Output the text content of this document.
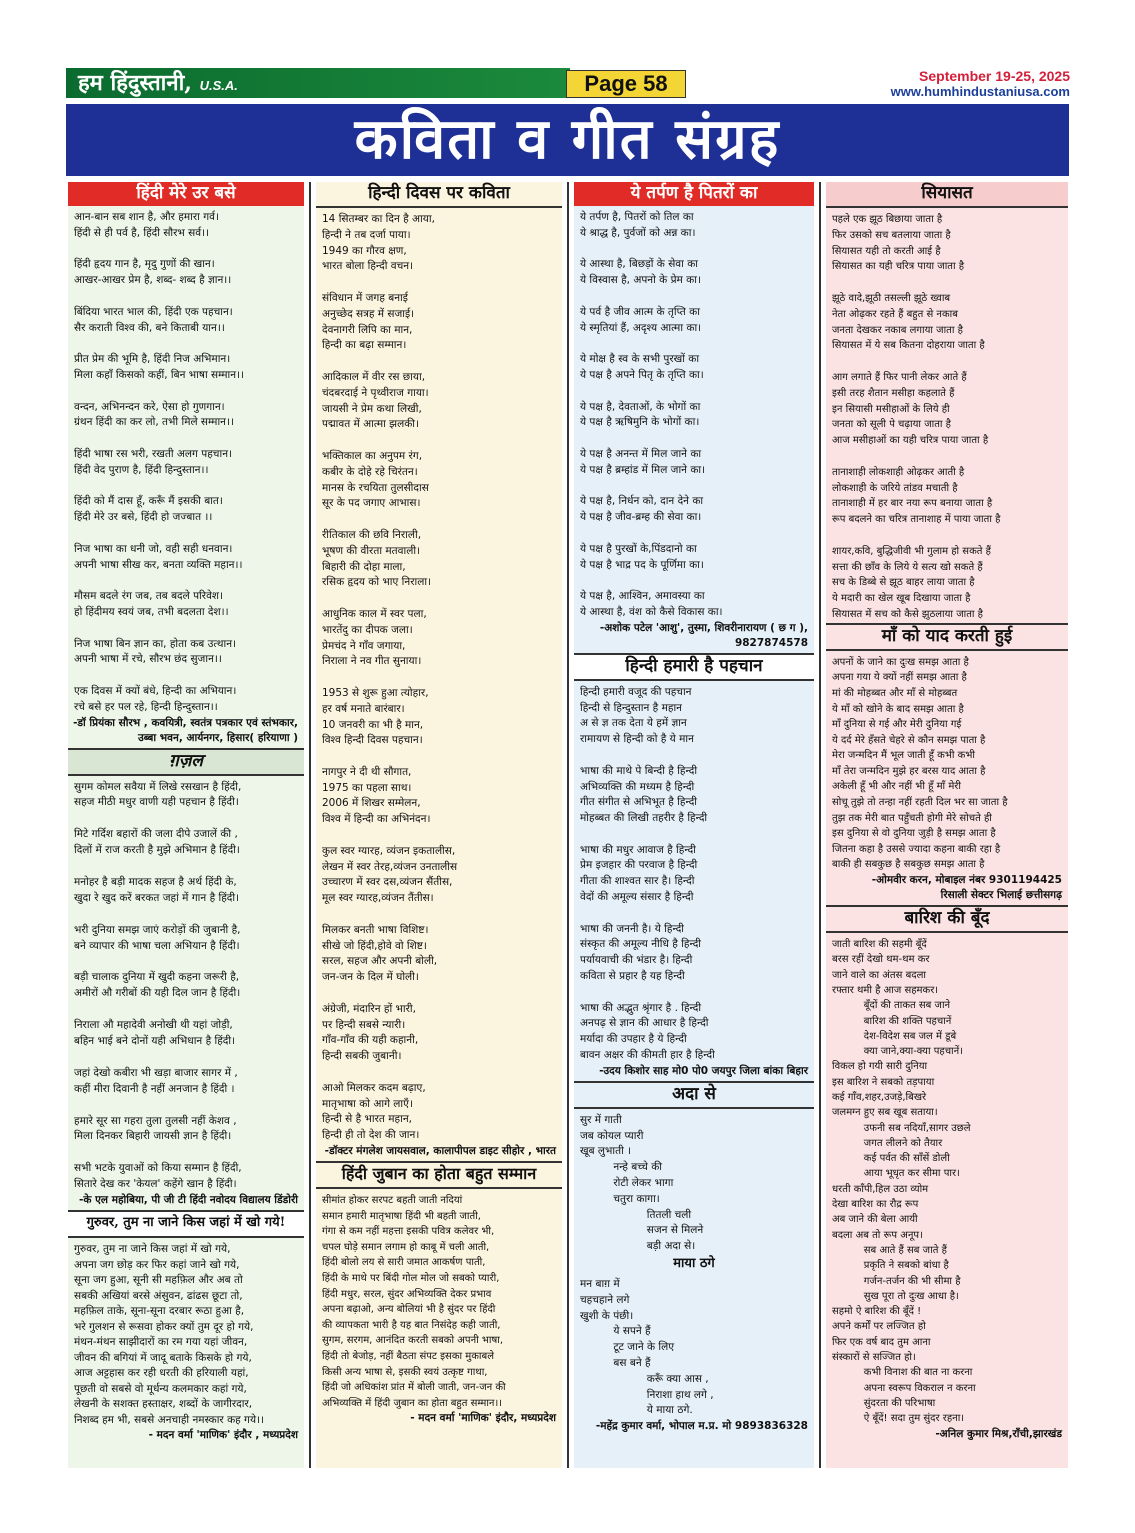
हम हिंदुस्तानी, U.S.A.	Page 58	September 19-25, 2025
www.humhindustaniusa.com
कविता व गीत संग्रह
हिंदी मेरे उर बसे
आन-बान सब शान है, और हमारा गर्व।
हिंदी से ही पर्व है, हिंदी सौरभ सर्व।।

हिंदी हृदय गान है, मृदु गुणों की खान।
आखर-आखर प्रेम है, शब्द- शब्द है ज्ञान।।

बिंदिया भारत भाल की, हिंदी एक पहचान।
सैर कराती विश्व की, बने किताबी यान।।

प्रीत प्रेम की भूमि है, हिंदी निज अभिमान।
मिला कहाँ किसको कहीं, बिन भाषा सम्मान।।

वन्दन, अभिनन्दन करे, ऐसा हो गुणगान।
ग्रंथन हिंदी का कर लो, तभी मिले सम्मान।।

हिंदी भाषा रस भरी, रखती अलग पहचान।
हिंदी वेद पुराण है, हिंदी हिन्दुस्तान।।

हिंदी को मैं दास हूँ, करूँ मैं इसकी बात।
हिंदी मेरे उर बसे, हिंदी हो जज्बात ।।

निज भाषा का धनी जो, वही सही धनवान।
अपनी भाषा सीख कर, बनता व्यक्ति महान।।

मौसम बदले रंग जब, तब बदले परिवेश।
हो हिंदीमय स्वयं जब, तभी बदलता देश।।

निज भाषा बिन ज्ञान का, होता कब उत्थान।
अपनी भाषा में रचे, सौरभ छंद सुजान।।

एक दिवस में क्यों बंधे, हिन्दी का अभियान।
रचे बसे हर पल रहे, हिन्दी हिन्दुस्तान।।
-डॉ प्रियंका सौरभ , कवयित्री, स्वतंत्र पत्रकार एवं स्तंभकार, उब्बा भवन, आर्यनगर, हिसार( हरियाणा )
ग़ज़ल
सुगम कोमल सवैया में लिखे रसखान है हिंदी,
सहज मीठी मधुर वाणी यही पहचान है हिंदी।

मिटे गर्दिश बहारों की जला दीपे उजालें की ,
दिलों में राज करती है मुझे अभिमान है हिंदी।

मनोहर है बड़ी मादक सहज है अर्थ हिंदी के,
खुदा रे खुद करें बरकत जहां में गान है हिंदी।

भरी दुनिया समझ जाएं करोड़ों की जुबानी है,
बने व्यापार की भाषा चला अभियान है हिंदी।

बड़ी चालाक दुनिया में खुदी कहना जरूरी है,
अमीरों औ गरीबों की यही दिल जान है हिंदी।

निराला औ महादेवी अनोखी थी यहां जोड़ी,
बहिन भाई बने दोनों यही अभिधान है हिंदी।

जहां देखो कबीरा भी खड़ा बाजार सागर में ,
कहीं मीरा दिवानी है नहीं अनजान है हिंदी ।

हमारे सूर सा गहरा तुला तुलसी नहीं केशव ,
मिला दिनकर बिहारी जायसी ज्ञान है हिंदी।

सभी भटके युवाओं को किया सम्मान है हिंदी,
सितारे देख कर 'केयल' कहेंगे खान है हिंदी।
-के एल महोबिया, पी जी टी हिंदी नवोदय विद्यालय डिंडोरी
गुरुवर, तुम ना जाने किस जहां में खो गये!
गुरुवर, तुम ना जाने किस जहां में खो गये,
अपना जग छोड़ कर फिर कहां जाने खो गये,
सूना जग हुआ, सूनी सी महफ़िल और अब तो
सबकी अखियां बरसे अंसुवन, ढांढस छूटा तो,
महफ़िल ताके, सूना-सूना दरबार रूठा हुआ है,
भरे गुलशन से रूसवा होकर क्यों तुम दूर हो गये,
मंथन-मंथन साझीदारों का रम गया यहां जीवन,
जीवन की बगियां में जादू बताके किसके हो गये,
आज अट्टहास कर रही धरती की हरियाली यहां,
पूछती वो सबसे वो मूर्धन्य कलमकार कहां गये,
लेखनी के सशक्त हस्ताक्षर, शब्दों के जागीरदार,
निशब्द हम भी, सबसे अनचाही नमस्कार कह गये।।
- मदन वर्मा 'माणिक' इंदौर , मध्यप्रदेश
हिन्दी दिवस पर कविता
14 सितम्बर का दिन है आया,
हिन्दी ने तब दर्जा पाया।
1949 का गौरव क्षण,
भारत बोला हिन्दी वचन।

संविधान में जगह बनाई
अनुच्छेद सत्रह में सजाई।
देवनागरी लिपि का मान,
हिन्दी का बढ़ा सम्मान।

आदिकाल में वीर रस छाया,
चंदबरदाई ने पृथ्वीराज गाया।
जायसी ने प्रेम कथा लिखी,
पद्मावत में आत्मा झलकी।

भक्तिकाल का अनुपम रंग,
कबीर के दोहे रहे चिरंतन।
मानस के रचयिता तुलसीदास
सूर के पद जगाए आभास।

रीतिकाल की छवि निराली,
भूषण की वीरता मतवाली।
बिहारी की दोहा माला,
रसिक हृदय को भाए निराला।

आधुनिक काल में स्वर पला,
भारतेंदु का दीपक जला।
प्रेमचंद ने गाँव जगाया,
निराला ने नव गीत सुनाया।

1953 से शुरू हुआ त्योहार,
हर वर्ष मनाते बारंबार।
10 जनवरी का भी है मान,
विश्व हिन्दी दिवस पहचान।

नागपुर ने दी थी सौगात,
1975 का पहला साथ।
2006 में शिखर सम्मेलन,
विश्व में हिन्दी का अभिनंदन।

कुल स्वर ग्यारह, व्यंजन इकतालीस,
लेखन में स्वर तेरह,व्यंजन उनतालीस
उच्चारण में स्वर दस,व्यंजन सैंतीस,
मूल स्वर ग्यारह,व्यंजन तैंतीस।

मिलकर बनती भाषा विशिष्ट।
सीखे जो हिंदी,होवे वो शिष्ट।
सरल, सहज और अपनी बोली,
जन-जन के दिल में घोली।

अंग्रेजी, मंदारिन हों भारी,
पर हिन्दी सबसे न्यारी।
गाँव-गाँव की यही कहानी,
हिन्दी सबकी जुबानी।

आओ मिलकर कदम बढ़ाए,
मातृभाषा को आगे लाएँ।
हिन्दी से है भारत महान,
हिन्दी ही तो देश की जान।
-डॉक्टर मंगलेश जायसवाल, कालापीपल डाइट सीहोर , भारत
हिंदी जुबान का होता बहुत सम्मान
सीमांत होकर सरपट बहती जाती नदियां
समान हमारी मातृभाषा हिंदी भी बहती जाती,
गंगा से कम नहीं महत्ता इसकी पवित्र कलेवर भी,
चपल घोड़े समान लगाम हो काबू में चली आती,
हिंदी बोलो लय से सारी जमात आकर्षण पाती,
हिंदी के माथे पर बिंदी गोल मोल जो सबको प्यारी,
हिंदी मधुर, सरल, सुंदर अभिव्यक्ति देकर प्रभाव
अपना बढ़ाओ, अन्य बोलियां भी है सुंदर पर हिंदी
की व्यापकता भारी है यह बात निसंदेह कही जाती,
सुगम, सरगम, आनंदित करती सबको अपनी भाषा,
हिंदी तो बेजोड़, नहीं बैठता संपट इसका मुकाबले
किसी अन्य भाषा से, इसकी स्वयं उत्कृष्ट गाथा,
हिंदी जो अधिकांश प्रांत में बोली जाती, जन-जन की
अभिव्यक्ति में हिंदी जुबान का होता बहुत सम्मान।।
- मदन वर्मा 'माणिक' इंदौर, मध्यप्रदेश
ये तर्पण है पितरों का
ये तर्पण है, पितरों को तिल का
ये श्राद्ध है, पुर्वजों को अन्न का।

ये आस्था है, बिछड़ों के सेवा का
ये विस्वास है, अपनो के प्रेम का।

ये पर्व है जीव आत्म के तृप्ति का
ये स्मृतियां हैं, अदृश्य आत्मा का।

ये मोक्ष है स्व के सभी पुरखों का
ये पक्ष है अपने पितृ के तृप्ति का।

ये पक्ष है, देवताओं, के भोगों का
ये पक्ष है ऋषिमुनि के भोगों का।

ये पक्ष है अनन्त में मिल जाने का
ये पक्ष है ब्रम्हांड में मिल जाने का।

ये पक्ष है, निर्धन को, दान देने का
ये पक्ष है जीव-ब्रम्ह की सेवा का।

ये पक्ष है पुरखों के,पिंडदानो का
ये पक्ष है भाद्र पद के पूर्णिमा का।

ये पक्ष है, आश्विन, अमावस्या का
ये आस्था है, वंश को कैसे विकास का।
-अशोक पटेल 'आशु', तुस्मा, शिवरीनारायण ( छ ग ), 9827874578
हिन्दी हमारी है पहचान
हिन्दी हमारी वजूद की पहचान
हिन्दी से हिन्दुस्तान है महान
अ से ज्ञ तक देता ये हमें ज्ञान
रामायण से हिन्दी को है ये मान

भाषा की माथे पे बिन्दी है हिन्दी
अभिव्यक्ति की मध्यम है हिन्दी
गीत संगीत से अभिभूत है हिन्दी
मोहब्बत की लिखी तहरीर है हिन्दी

भाषा की मधुर आवाज है हिन्दी
प्रेम इजहार की परवाज है हिन्दी
गीता की शाश्वत सार है। हिन्दी
वेदों की अमूल्य संसार है हिन्दी

भाषा की जननी है। ये हिन्दी
संस्कृत की अमूल्य नीधि है हिन्दी
पर्यायवाची की भंडार है। हिन्दी
कविता से प्रहार है यह हिन्दी

भाषा की अद्भुत श्रृंगार है . हिन्दी
अनपढ़ से ज्ञान की आधार है हिन्दी
मर्यादा की उपहार है ये हिन्दी
बावन अक्षर की कीमती हार है हिन्दी
-उदय किशोर साह मो0 पो0 जयपुर जिला बांका बिहार
अदा से
सुर में गाती
जब कोयल प्यारी
खूब लुभाती ।
नन्हे बच्चे की
रोटी लेकर भागा
चतुरा कागा।
तितली चली
सजन से मिलने
बड़ी अदा से।
माया ठगे
मन बाग़ में
चहचहाने लगे
खुशी के पंछी।
ये सपने हैं
टूट जाने के लिए
बस बने हैं
करूँ क्या आस ,
निराशा हाथ लगे ,
ये माया ठगे.
-महेंद्र कुमार वर्मा, भोपाल म.प्र. मो 9893836328
सियासत
पहले एक झूठ बिछाया जाता है
फिर उसको सच बतलाया जाता है
सियासत यही तो करती आई है
सियासत का यही चरित्र पाया जाता है

झूठे वादे,झूठी तसल्ली झूठे ख्वाब
नेता ओढ़कर रहते हैं बहुत से नकाब
जनता देखकर नकाब लगाया जाता है
सियासत में ये सब कितना दोहराया जाता है

आग लगाते हैं फिर पानी लेकर आते हैं
इसी तरह शैतान मसीहा कहलाते हैं
इन सियासी मसीहाओं के लिये ही
जनता को सूली पे चढ़ाया जाता है
आज मसीहाओं का यही चरित्र पाया जाता है

तानाशाही लोकशाही ओढ़कर आती है
लोकशाही के जरिये तांडव मचाती है
तानाशाही में हर बार नया रूप बनाया जाता है
रूप बदलने का चरित्र तानाशाह में पाया जाता है

शायर,कवि, बुद्धिजीवी भी गुलाम हो सकते हैं
सत्ता की छाँव के लिये ये सत्य खो सकते हैं
सच के डिब्बे से झूठ बाहर लाया जाता है
ये मदारी का खेल खूब दिखाया जाता है
सियासत में सच को कैसे झुठलाया जाता है
माँ को याद करती हुई
अपनों के जाने का दुःख समझ आता है
अपना गया ये क्यों नहीं समझ आता है
मां की मोहब्बत और माँ से मोहब्बत
ये माँ को खोने के बाद समझ आता है
माँ दुनिया से गई और मेरी दुनिया गई
ये दर्द मेरे हँसते चेहरे से कौन समझ पाता है
मेरा जन्मदिन मैं भूल जाती हूँ कभी कभी
माँ तेरा जन्मदिन मुझे हर बरस याद आता है
अकेली हूँ भी और नहीं भी हूँ माँ मेरी
सोचू तुझे तो तन्हा नहीं रहती दिल भर सा जाता है
तुझ तक मेरी बात पहुँचती होगी मेरे सोचते ही
इस दुनिया से वो दुनिया जुड़ी है समझ आता है
जितना कहा है उससे ज्यादा कहना बाकी रहा है
बाकी ही सबकुछ है सबकुछ समझ आता है
-ओमवीर करन, मोबाइल नंबर 9301194425
रिसाली सेक्टर भिलाई छत्तीसगढ़
बारिश की बूँद
जाती बारिश की सहमी बूँदें
बरस रहीं देखो थम-थम कर
जाने वाले का अंतस बदला
रफ्तार थमी है आज सहमकर।
बूँदों की ताकत सब जाने
बारिश की शक्ति पहचानें
देश-विदेश सब जल में डूबे
क्या जाने,क्या-क्या पहचानें।
विकल हो गयी सारी दुनिया
इस बारिश ने सबको तड़पाया
कई गाँव,शहर,उजड़े,बिखरे
जलमग्न हुए सब खूब सताया।
उफनी सब नदियाँ,सागर उछले
जगत लीलने को तैयार
कई पर्वत की साँसें डोली
आया भूधृत कर सीमा पार।
धरती काँपी,हिल उठा व्योम
देखा बारिश का रौद्र रूप
अब जाने की बेला आयी
बदला अब तो रूप अनूप।
सब आते हैं सब जाते हैं
प्रकृति ने सबको बांधा है
गर्जन-तर्जन की भी सीमा है
सुख पूरा तो दुःख आधा है।
सहमो ऐ बारिश की बूँदें !
अपने कर्मों पर लज्जित हो
फिर एक वर्ष बाद तुम आना
संस्कारों से सज्जित हो।
कभी विनाश की बात ना करना
अपना स्वरूप विकराल न करना
सुंदरता की परिभाषा
ऐ बूँदें! सदा तुम सुंदर रहना।
-अनिल कुमार मिश्र,राँची,झारखंड
